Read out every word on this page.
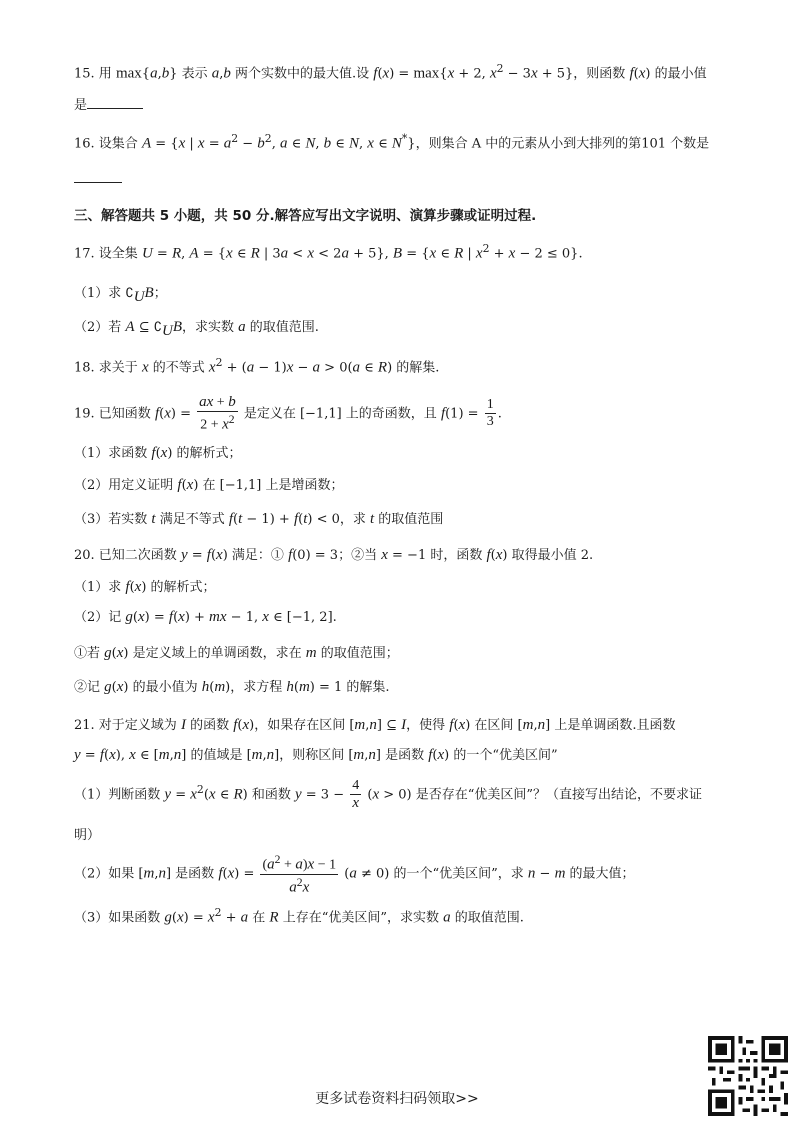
15. 用 max{a,b} 表示 a,b 两个实数中的最大值.设 f(x) = max{x + 2, $x^2 - 3x + 5$}，则函数 f(x) 的最小值
是
16. 设集合 A = {x | $x = a^2 - b^2$, a ∈ N, b ∈ N, x ∈ N*}，则集合 A 中的元素从小到大排列的第101 个数是
三、解答题共 5 小题，共 50 分.解答应写出文字说明、演算步骤或证明过程.
17. 设全集 U = R, A = {x ∈ R | 3a < x < 2a + 5}, B = {x ∈ R | $x^2 + x - 2 \le 0$}.
（1）求 $∁_UB$；
（2）若 A ⊆ $∁_UB$，求实数 a 的取值范围.
18. 求关于 x 的不等式 $x^2 + (a - 1)x - a > 0(a$ ∈ R) 的解集.
19. 已知函数 $f(x) = \frac{ax + b}{2 + x^2}$ 是定义在 [−1,1] 上的奇函数，且 $f(1) = \frac{1}{3}$ .
（1）求函数 f(x) 的解析式；
（2）用定义证明 f(x) 在 [−1,1] 上是增函数；
（3）若实数 t 满足不等式 f(t − 1) + f(t) < 0，求 t 的取值范围
20. 已知二次函数 y = f(x) 满足：① f(0) = 3；②当 x = −1 时，函数 f(x) 取得最小值 2.
（1）求 f(x) 的解析式；
（2）记 g(x) = f(x) + mx − 1, x ∈ [−1, 2].
①若 g(x) 是定义域上的单调函数，求在 m 的取值范围；
②记 g(x) 的最小值为 h(m)，求方程 h(m) = 1 的解集.
21. 对于定义域为 I 的函数 f(x)，如果存在区间 [m,n] ⊆ I，使得 f(x) 在区间 [m,n] 上是单调函数.且函数
y = f(x), x ∈ [m,n] 的值域是 [m,n]，则称区间 [m,n] 是函数 f(x) 的一个“优美区间”
（1）判断函数 $y = x^2(x$ ∈ R) 和函数 $y = 3 - \frac{4}{x} (x > 0)$ 是否存在“优美区间”？（直接写出结论，不要求证
明）
（2）如果 [m,n] 是函数 $f(x) = \frac{(a^2 + a)x - 1}{a^2x} (a \ne 0)$ 的一个“优美区间”，求 n − m 的最大值；
（3）如果函数 $g(x) = x^2 + a$ 在 R 上存在“优美区间”，求实数 a 的取值范围.
更多试卷资料扫码领取>>
